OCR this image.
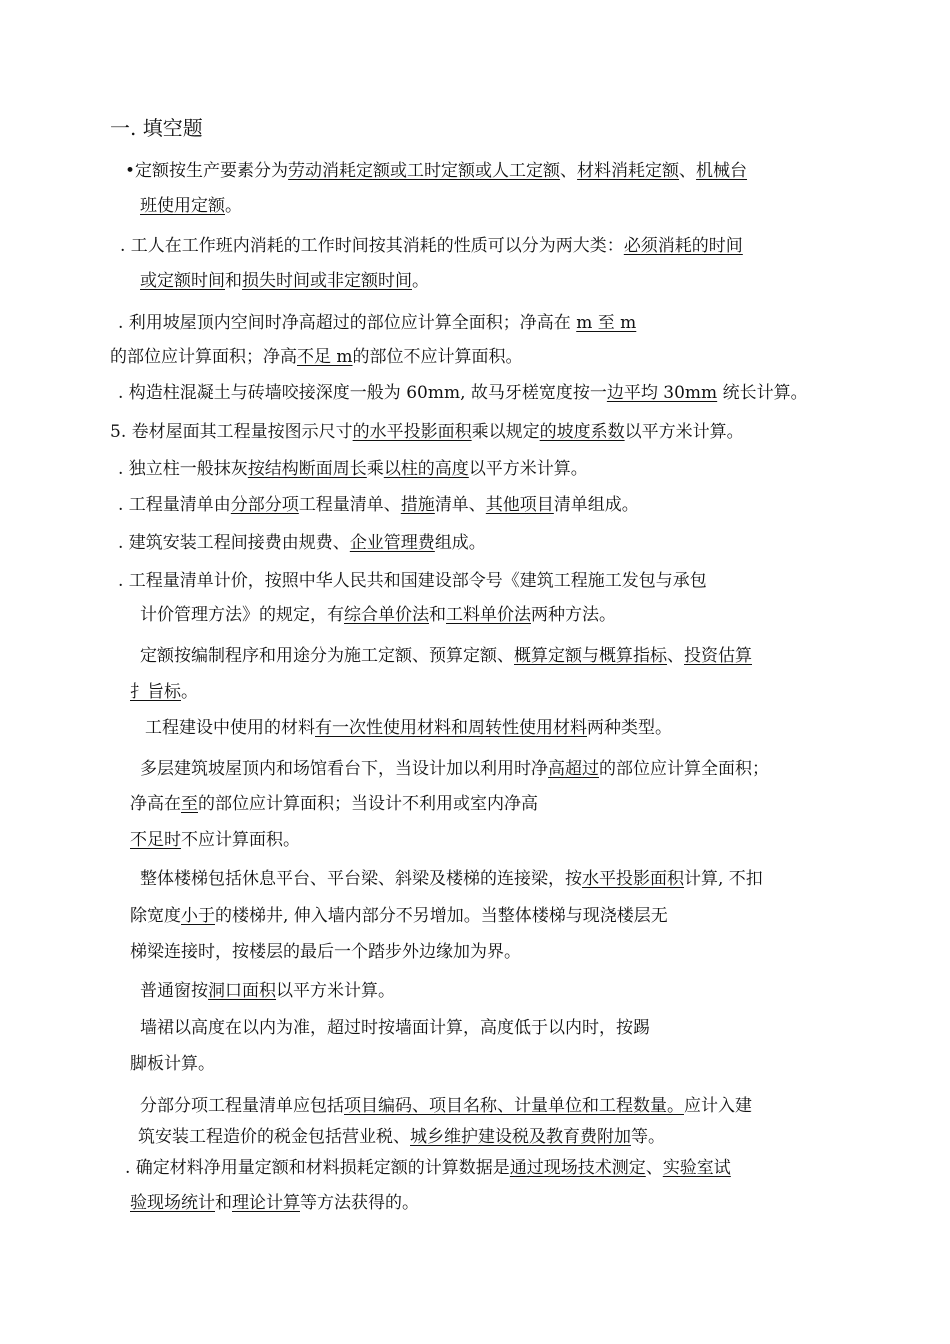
一. 填空题
•定额按生产要素分为劳动消耗定额或工时定额或人工定额、材料消耗定额、机械台
班使用定额。
. 工人在工作班内消耗的工作时间按其消耗的性质可以分为两大类：必须消耗的时间
或定额时间和损失时间或非定额时间。
. 利用坡屋顶内空间时净高超过的部位应计算全面积；净高在 m 至 m
的部位应计算面积；净高不足 m的部位不应计算面积。
. 构造柱混凝土与砖墙咬接深度一般为 60mm, 故马牙槎宽度按一边平均 30mm 统长计算。
5. 卷材屋面其工程量按图示尺寸的水平投影面积乘以规定的坡度系数以平方米计算。
. 独立柱一般抹灰按结构断面周长乘以柱的高度以平方米计算。
. 工程量清单由分部分项工程量清单、措施清单、其他项目清单组成。
. 建筑安装工程间接费由规费、企业管理费组成。
. 工程量清单计价，按照中华人民共和国建设部令号《建筑工程施工发包与承包
计价管理方法》的规定，有综合单价法和工料单价法两种方法。
定额按编制程序和用途分为施工定额、预算定额、概算定额与概算指标、投资估算
扌旨标。
工程建设中使用的材料有一次性使用材料和周转性使用材料两种类型。
多层建筑坡屋顶内和场馆看台下，当设计加以利用时净高超过的部位应计算全面积；
净高在至的部位应计算面积；当设计不利用或室内净高
不足时不应计算面积。
整体楼梯包括休息平台、平台梁、斜梁及楼梯的连接梁，按水平投影面积计算, 不扣
除宽度小于的楼梯井, 伸入墙内部分不另增加。当整体楼梯与现浇楼层无
梯梁连接时，按楼层的最后一个踏步外边缘加为界。
普通窗按洞口面积以平方米计算。
墙裙以高度在以内为准，超过时按墙面计算，高度低于以内时，按踢
脚板计算。
分部分项工程量清单应包括项目编码、项目名称、计量单位和工程数量。应计入建
筑安装工程造价的税金包括营业税、城乡维护建设税及教育费附加等。
. 确定材料净用量定额和材料损耗定额的计算数据是通过现场技术测定、实验室试
验现场统计和理论计算等方法获得的。
